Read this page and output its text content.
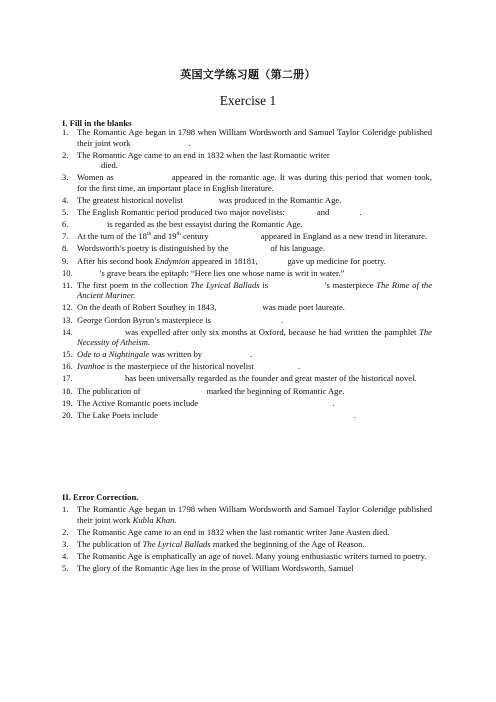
英国文学练习题（第二册）
Exercise 1
I. Fill in the blanks
1. The Romantic Age began in 1798 when William Wordsworth and Samuel Taylor Coleridge published their joint work	.
2. The Romantic Age came to an end in 1832 when the last Romantic writer
died.
3. Women as	appeared in the romantic age. It was during this period that women took, for the first time, an important place in English literature.
4. The greatest historical novelist	was produced in the Romantic Age.
5. The English Romantic period produced two major novelists:	and	.
6.	is regarded as the best essayist during the Romantic Age.
7. At the turn of the 18th and 19th century	appeared in England as a new trend in literature.
8. Wordsworth’s poetry is distinguished by the	of his language.
9. After his second book Endymion appeared in 18181,	gave up medicine for poetry.
10.	’s grave bears the epitaph: “Here lies one whose name is writ in water.”
11. The first poem in the collection The Lyrical Ballads is	’s masterpiece The Rime of the Ancient Mariner.
12. On the death of Robert Southey in 1843,	was made poet laureate.
13. George Gordon Byron’s masterpiece is	.
14.	was expelled after only six months at Oxford, because he had written the pamphlet The Necessity of Atheism.
15. Ode to a Nightingale was written by	.
16. Ivanhoe is the masterpiece of the historical novelist	.
17.	has been universally regarded as the founder and great master of the historical novel.
18. The publication of	marked the beginning of Romantic Age.
19. The Active Romantic poets include	.
20. The Lake Poets include	.
II. Error Correction.
1. The Romantic Age began in 1798 when William Wordsworth and Samuel Taylor Coleridge published their joint work Kubla Khan.
2. The Romantic Age came to an end in 1832 when the last romantic writer Jane Austen died.
3. The publication of The Lyrical Ballads marked the beginning of the Age of Reason.
4. The Romantic Age is emphatically an age of novel. Many young enthusiastic writers turned to poetry.
5. The glory of the Romantic Age lies in the prose of William Wordsworth, Samuel
